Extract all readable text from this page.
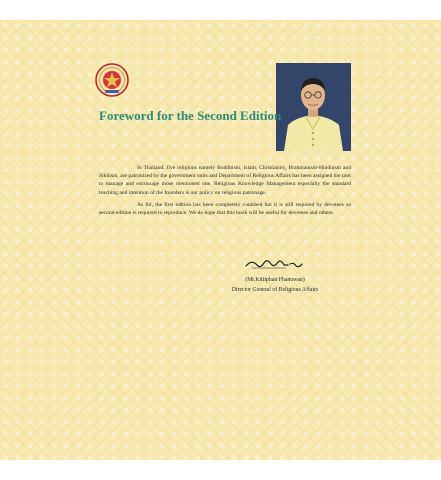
Foreword for the Second Edition

In Thailand, five religions namely Buddhism, Islam, Christianity, Brahmanism-Hinduism and Sikhism, are patronized by the government units and Department of Religious Affairs has been assigned the task to manage and encourage those mentioned one. Religious Knowledge Management especially the standard teaching and intention of the founders is our policy on religious patronage.

As for, the first edition has been completely vanished but it is still required by devotees so second edition is required to reproduce. We do hope that this book will be useful for devotees and others.

(Mr.Kittiphan Phanuwan)
Director General of Religious Affairs
